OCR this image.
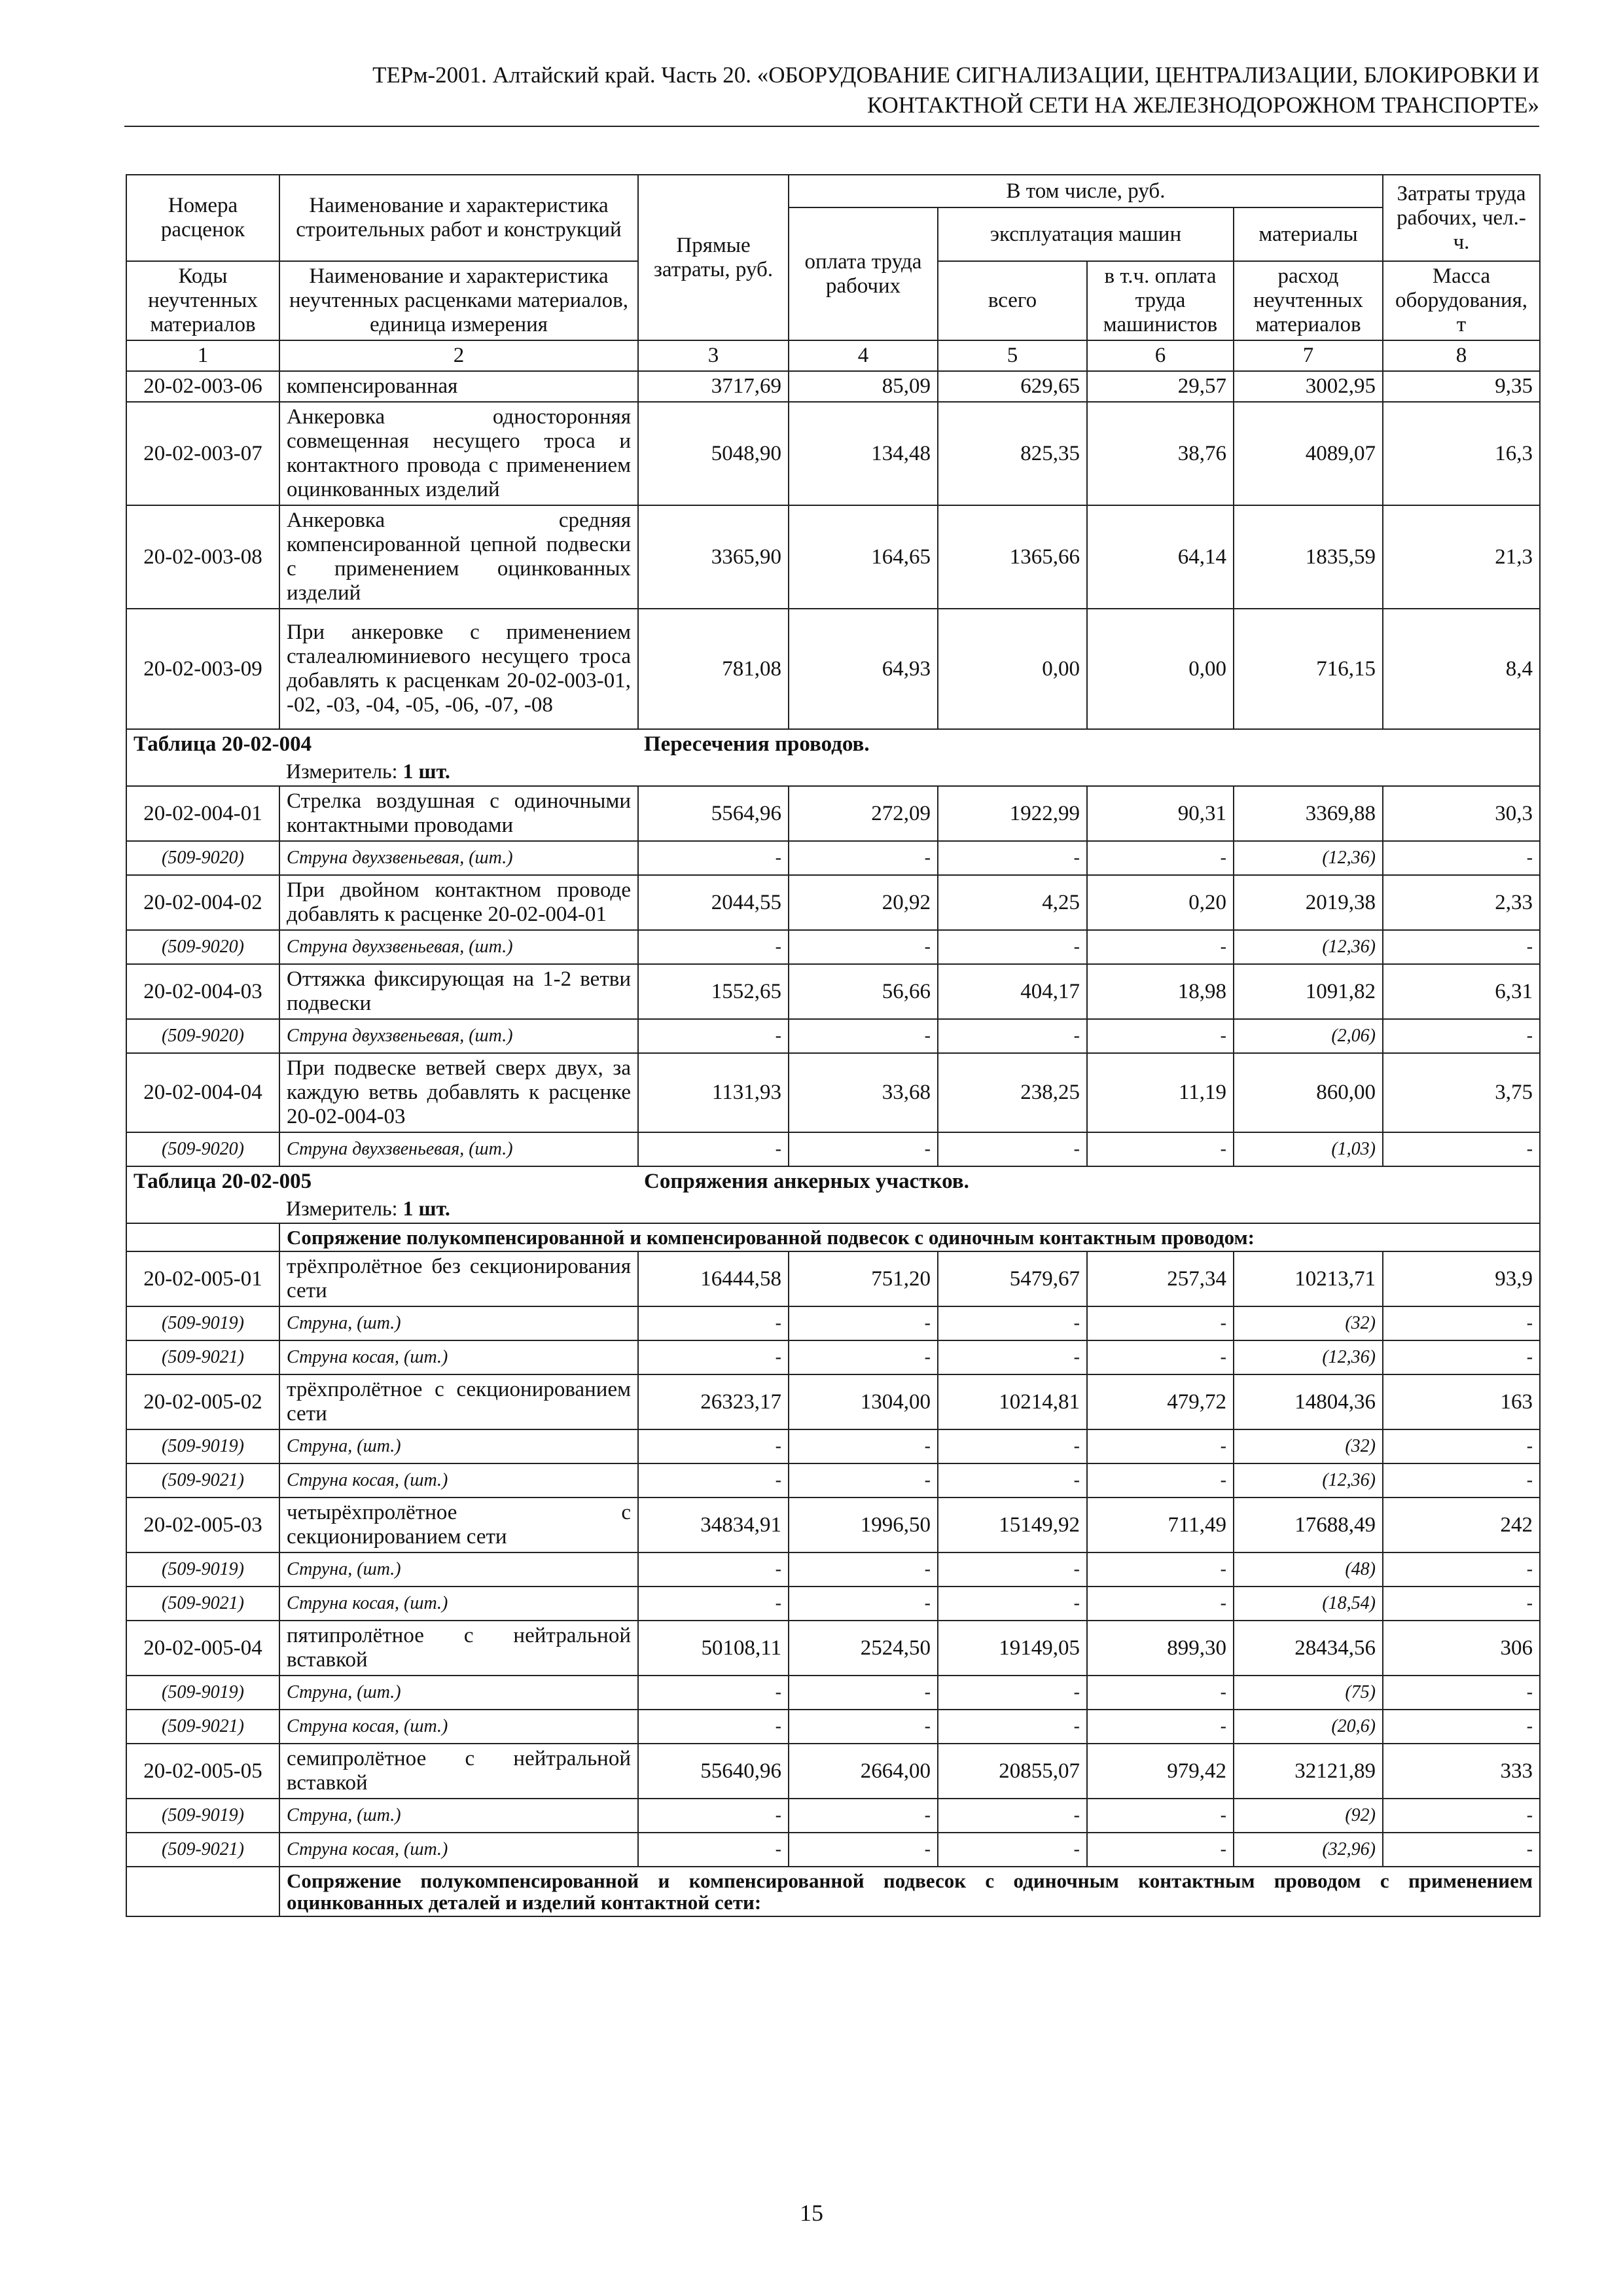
ТЕРм-2001. Алтайский край. Часть 20. «ОБОРУДОВАНИЕ СИГНАЛИЗАЦИИ, ЦЕНТРАЛИЗАЦИИ, БЛОКИРОВКИ И
КОНТАКТНОЙ СЕТИ НА ЖЕЛЕЗНОДОРОЖНОМ ТРАНСПОРТЕ»
Номера расценок	Наименование и характеристика строительных работ и конструкций	Прямые затраты, руб.	В том числе, руб.				Затраты труда рабочих, чел.-ч.
			оплата труда рабочих	эксплуатация машин		материалы	
Коды неучтенных материалов	Наименование и характеристика неучтенных расценками материалов, единица измерения			всего	в т.ч. оплата труда машинистов	расход неучтенных материалов	Масса оборудования, т
1	2	3	4	5	6	7	8
20-02-003-06	компенсированная	3717,69	85,09	629,65	29,57	3002,95	9,35
20-02-003-07	Анкеровка односторонняя совмещенная несущего троса и контактного провода с применением оцинкованных изделий	5048,90	134,48	825,35	38,76	4089,07	16,3
20-02-003-08	Анкеровка средняя компенсированной цепной подвески с применением оцинкованных изделий	3365,90	164,65	1365,66	64,14	1835,59	21,3
20-02-003-09	При анкеровке с применением сталеалюминиевого несущего троса добавлять к расценкам 20-02-003-01, -02, -03, -04, -05, -06, -07, -08	781,08	64,93	0,00	0,00	716,15	8,4
Таблица 20-02-004 Пересечения проводов.							
	Измеритель: 1 шт.						
20-02-004-01	Стрелка воздушная с одиночными контактными проводами	5564,96	272,09	1922,99	90,31	3369,88	30,3
(509-9020)	Струна двухзвеньевая, (шт.)	-	-	-	-	(12,36)	-
20-02-004-02	При двойном контактном проводе добавлять к расценке 20-02-004-01	2044,55	20,92	4,25	0,20	2019,38	2,33
(509-9020)	Струна двухзвеньевая, (шт.)	-	-	-	-	(12,36)	-
20-02-004-03	Оттяжка фиксирующая на 1-2 ветви подвески	1552,65	56,66	404,17	18,98	1091,82	6,31
(509-9020)	Струна двухзвеньевая, (шт.)	-	-	-	-	(2,06)	-
20-02-004-04	При подвеске ветвей сверх двух, за каждую ветвь добавлять к расценке 20-02-004-03	1131,93	33,68	238,25	11,19	860,00	3,75
(509-9020)	Струна двухзвеньевая, (шт.)	-	-	-	-	(1,03)	-
Таблица 20-02-005 Сопряжения анкерных участков.							
	Измеритель: 1 шт.						
	Сопряжение полукомпенсированной и компенсированной подвесок с одиночным контактным проводом:						
20-02-005-01	трёхпролётное без секционирования сети	16444,58	751,20	5479,67	257,34	10213,71	93,9
(509-9019)	Струна, (шт.)	-	-	-	-	(32)	-
(509-9021)	Струна косая, (шт.)	-	-	-	-	(12,36)	-
20-02-005-02	трёхпролётное с секционированием сети	26323,17	1304,00	10214,81	479,72	14804,36	163
(509-9019)	Струна, (шт.)	-	-	-	-	(32)	-
(509-9021)	Струна косая, (шт.)	-	-	-	-	(12,36)	-
20-02-005-03	четырёхпролётное с секционированием сети	34834,91	1996,50	15149,92	711,49	17688,49	242
(509-9019)	Струна, (шт.)	-	-	-	-	(48)	-
(509-9021)	Струна косая, (шт.)	-	-	-	-	(18,54)	-
20-02-005-04	пятипролётное с нейтральной вставкой	50108,11	2524,50	19149,05	899,30	28434,56	306
(509-9019)	Струна, (шт.)	-	-	-	-	(75)	-
(509-9021)	Струна косая, (шт.)	-	-	-	-	(20,6)	-
20-02-005-05	семипролётное с нейтральной вставкой	55640,96	2664,00	20855,07	979,42	32121,89	333
(509-9019)	Струна, (шт.)	-	-	-	-	(92)	-
(509-9021)	Струна косая, (шт.)	-	-	-	-	(32,96)	-
	Сопряжение полукомпенсированной и компенсированной подвесок с одиночным контактным проводом с применением оцинкованных деталей и изделий контактной сети:						
15
